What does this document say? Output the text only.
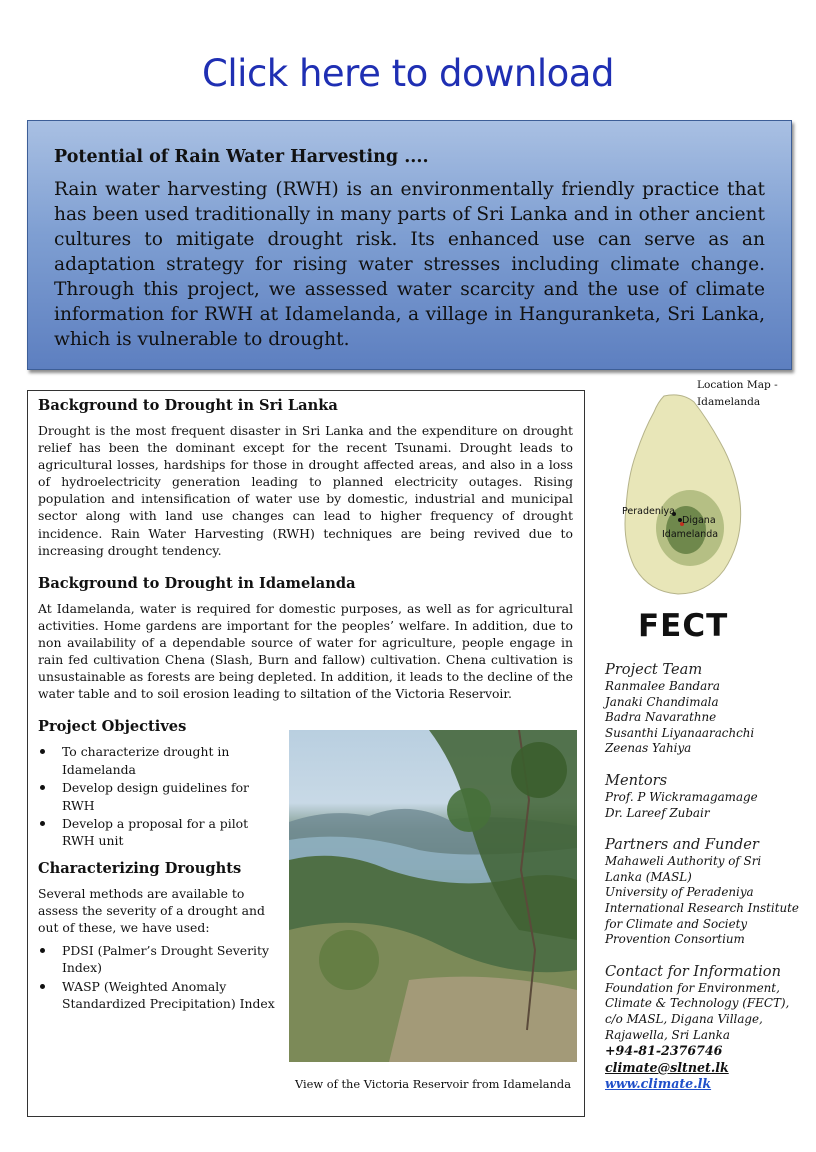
Click here to download
Potential of Rain Water Harvesting ....

Rain water harvesting (RWH) is an environmentally friendly practice that has been used traditionally in many parts of Sri Lanka and in other ancient cultures to mitigate drought risk. Its enhanced use can serve as an adaptation strategy for rising water stresses including climate change. Through this project, we assessed water scarcity and the use of climate information for RWH at Idamelanda, a village in Hanguranketa, Sri Lanka, which is vulnerable to drought.

Background to Drought in Sri Lanka

Drought is the most frequent disaster in Sri Lanka and the expenditure on drought relief has been the dominant except for the recent Tsunami. Drought leads to agricultural losses, hardships for those in drought affected areas, and also in a loss of hydroelectricity generation leading to planned electricity outages. Rising population and intensification of water use by domestic, industrial and municipal sector along with land use changes can lead to higher frequency of drought incidence. Rain Water Harvesting (RWH) techniques are being revived due to increasing drought tendency.

Background to Drought in Idamelanda

At Idamelanda, water is required for domestic purposes, as well as for agricultural activities. Home gardens are important for the peoples’ welfare. In addition, due to non availability of a dependable source of water for agriculture, people engage in rain fed cultivation Chena (Slash, Burn and fallow) cultivation. Chena cultivation is unsustainable as forests are being depleted. In addition, it leads to the decline of the water table and to soil erosion leading to siltation of the Victoria Reservoir.

Project Objectives
To characterize drought in Idamelanda
Develop design guidelines for RWH
Develop a proposal for a pilot RWH unit
Characterizing Droughts

Several methods are available to assess the severity of a drought and out of these, we have used:

PDSI (Palmer’s Drought Severity Index)
WASP (Weighted Anomaly Standardized Precipitation) Index
View of the Victoria Reservoir from Idamelanda
Location Map -
Idamelanda
Peradeniya
Digana
Idamelanda
FECT
Project Team
Ranmalee Bandara
Janaki Chandimala
Badra Navarathne
Susanthi Liyanaarachchi
Zeenas Yahiya
Mentors
Prof. P Wickramagamage
Dr. Lareef Zubair
Partners and Funder
Mahaweli Authority of Sri
Lanka (MASL)
University of Peradeniya
International Research Institute
for Climate and Society
Provention Consortium
Contact for Information
Foundation for Environment,
Climate & Technology (FECT),
c/o MASL, Digana Village,
Rajawella, Sri Lanka
+94-81-2376746
climate@sltnet.lk
www.climate.lk
